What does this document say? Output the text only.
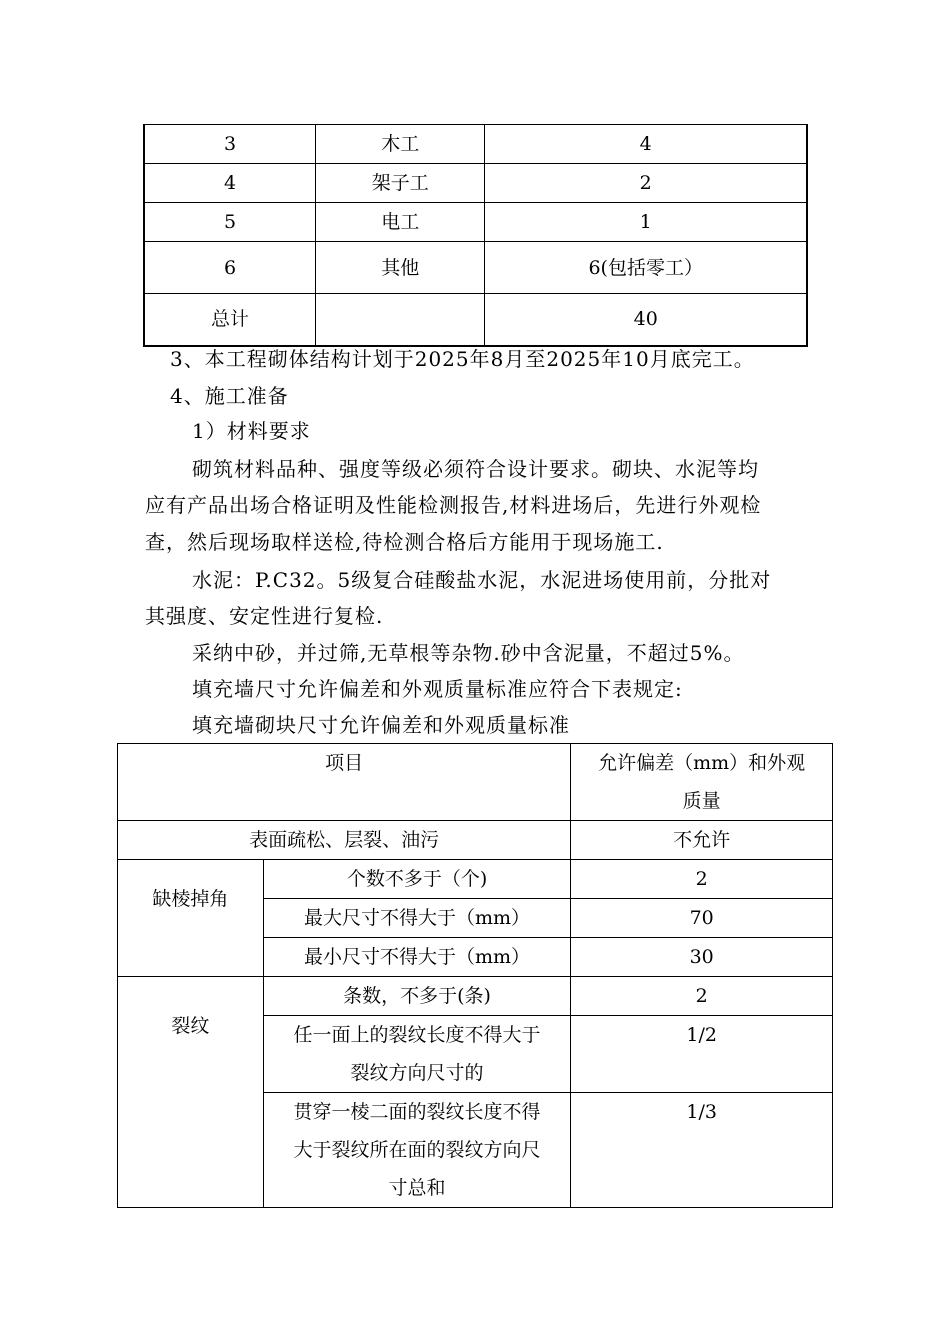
3	木工	4
4	架子工	2
5	电工	1
6	其他	6(包括零工）
总计		40
3、本工程砌体结构计划于2025年8月至2025年10月底完工。
4、施工准备
1）材料要求
砌筑材料品种、强度等级必须符合设计要求。砌块、水泥等均
应有产品出场合格证明及性能检测报告,材料进场后，先进行外观检
查，然后现场取样送检,待检测合格后方能用于现场施工.
水泥：P.C32。5级复合硅酸盐水泥，水泥进场使用前，分批对
其强度、安定性进行复检.
采纳中砂，并过筛,无草根等杂物.砂中含泥量，不超过5%。
填充墙尺寸允许偏差和外观质量标准应符合下表规定:
填充墙砌块尺寸允许偏差和外观质量标准
项目		允许偏差（mm）和外观
质量

表面疏松、层裂、油污		不允许
缺棱掉角	个数不多于（个)	2
	最大尺寸不得大于（mm）	70
	最小尺寸不得大于（mm）	30
裂纹	条数，不多于(条)	2

	任一面上的裂纹长度不得大于
裂纹方向尺寸的	1/2

	贯穿一棱二面的裂纹长度不得
大于裂纹所在面的裂纹方向尺
寸总和	1/3
